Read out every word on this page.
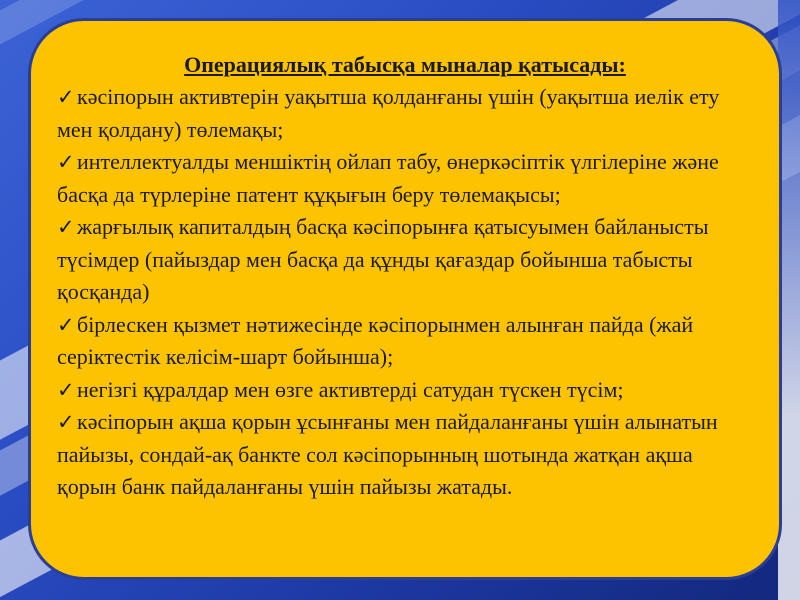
Операциялық табысқа мыналар қатысады:
✓ кәсіпорын активтерін уақытша қолданғаны үшін (уақытша иелік ету мен қолдану) төлемақы;
✓ интеллектуалды меншіктің ойлап табу, өнеркәсіптік үлгілеріне және басқа да түрлеріне патент құқығын беру төлемақысы;
✓ жарғылық капиталдың басқа кәсіпорынға қатысуымен байланысты түсімдер (пайыздар мен басқа да құнды қағаздар бойынша табысты қосқанда)
✓ бірлескен қызмет нәтижесінде кәсіпорынмен алынған пайда (жай серіктестік келісім-шарт бойынша);
✓ негізгі құралдар мен өзге активтерді сатудан түскен түсім;
✓ кәсіпорын ақша қорын ұсынғаны мен пайдаланғаны үшін алынатын пайызы, сондай-ақ банкте сол кәсіпорынның шотында жатқан ақша қорын банк пайдаланғаны үшін пайызы жатады.
